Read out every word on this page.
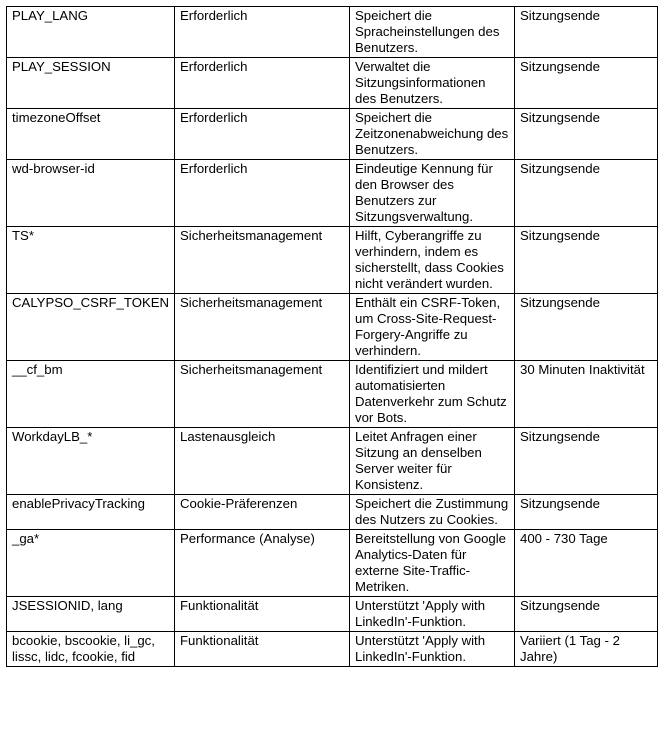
PLAY_LANG	Erforderlich	Speichert die Spracheinstellungen des Benutzers.	Sitzungsende
PLAY_SESSION	Erforderlich	Verwaltet die Sitzungsinformationen des Benutzers.	Sitzungsende
timezoneOffset	Erforderlich	Speichert die Zeitzonenabweichung des Benutzers.	Sitzungsende
wd-browser-id	Erforderlich	Eindeutige Kennung für den Browser des Benutzers zur Sitzungsverwaltung.	Sitzungsende
TS*	Sicherheitsmanagement	Hilft, Cyberangriffe zu verhindern, indem es sicherstellt, dass Cookies nicht verändert wurden.	Sitzungsende
CALYPSO_CSRF_TOKEN	Sicherheitsmanagement	Enthält ein CSRF-Token, um Cross-Site-Request-Forgery-Angriffe zu verhindern.	Sitzungsende
__cf_bm	Sicherheitsmanagement	Identifiziert und mildert automatisierten Datenverkehr zum Schutz vor Bots.	30 Minuten Inaktivität
WorkdayLB_*	Lastenausgleich	Leitet Anfragen einer Sitzung an denselben Server weiter für Konsistenz.	Sitzungsende
enablePrivacyTracking	Cookie-Präferenzen	Speichert die Zustimmung des Nutzers zu Cookies.	Sitzungsende
_ga*	Performance (Analyse)	Bereitstellung von Google Analytics-Daten für externe Site-Traffic-Metriken.	400 - 730 Tage
JSESSIONID, lang	Funktionalität	Unterstützt 'Apply with LinkedIn'-Funktion.	Sitzungsende
bcookie, bscookie, li_gc, lissc, lidc, fcookie, fid	Funktionalität	Unterstützt 'Apply with LinkedIn'-Funktion.	Variiert (1 Tag - 2 Jahre)
